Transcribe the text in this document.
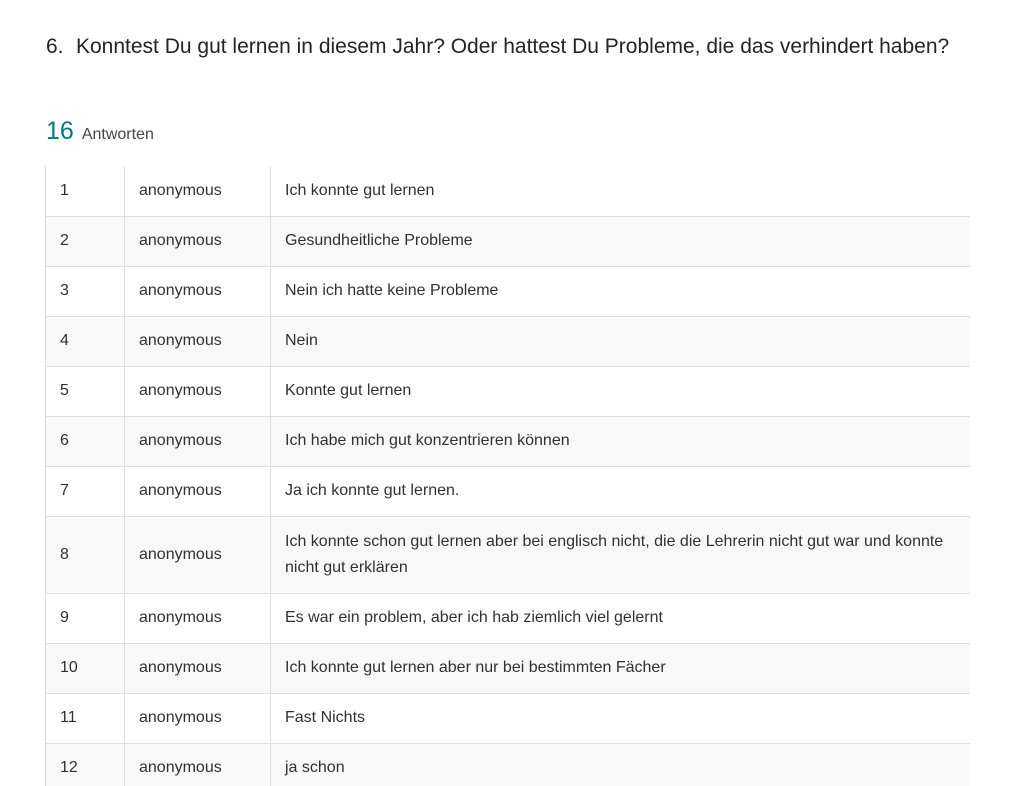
6. Konntest Du gut lernen in diesem Jahr? Oder hattest Du Probleme, die das verhindert haben?
16 Antworten
1	anonymous	Ich konnte gut lernen
2	anonymous	Gesundheitliche Probleme
3	anonymous	Nein ich hatte keine Probleme
4	anonymous	Nein
5	anonymous	Konnte gut lernen
6	anonymous	Ich habe mich gut konzentrieren können
7	anonymous	Ja ich konnte gut lernen.
8	anonymous	Ich konnte schon gut lernen aber bei englisch nicht, die die Lehrerin nicht gut war und konnte nicht gut erklären
9	anonymous	Es war ein problem, aber ich hab ziemlich viel gelernt
10	anonymous	Ich konnte gut lernen aber nur bei bestimmten Fächer
11	anonymous	Fast Nichts
12	anonymous	ja schon
